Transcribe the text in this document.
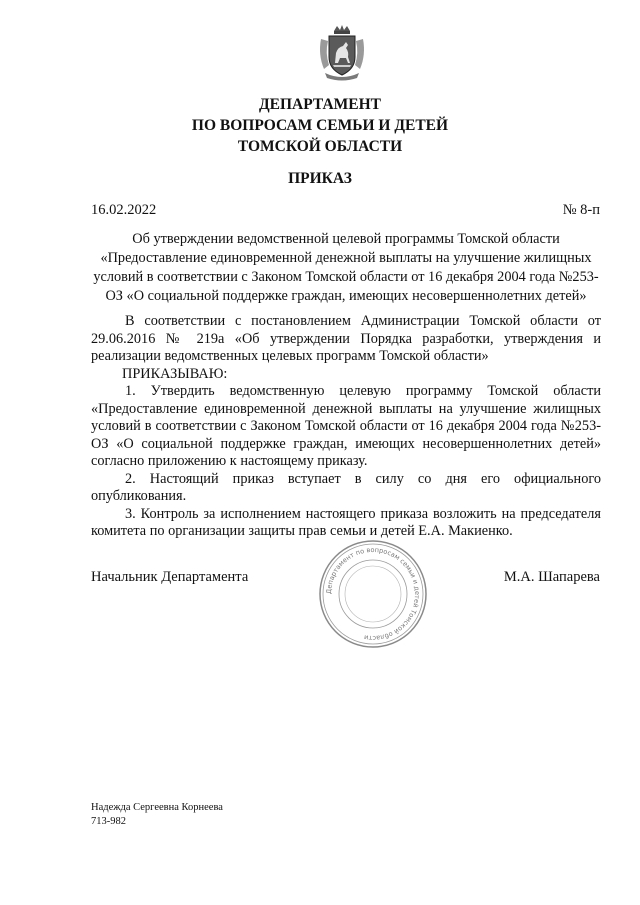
ДЕПАРТАМЕНТ
ПО ВОПРОСАМ СЕМЬИ И ДЕТЕЙ
ТОМСКОЙ ОБЛАСТИ
ПРИКАЗ
16.02.2022	№ 8-п
Об утверждении ведомственной целевой программы Томской области «Предоставление единовременной денежной выплаты на улучшение жилищных условий в соответствии с Законом Томской области от 16 декабря 2004 года №253-ОЗ «О социальной поддержке граждан, имеющих несовершеннолетних детей»

В соответствии с постановлением Администрации Томской области от 29.06.2016 № 219а «Об утверждении Порядка разработки, утверждения и реализации ведомственных целевых программ Томской области»

ПРИКАЗЫВАЮ:

1. Утвердить ведомственную целевую программу Томской области «Предоставление единовременной денежной выплаты на улучшение жилищных условий в соответствии с Законом Томской области от 16 декабря 2004 года №253-ОЗ «О социальной поддержке граждан, имеющих несовершеннолетних детей» согласно приложению к настоящему приказу.

2. Настоящий приказ вступает в силу со дня его официального опубликования.

3. Контроль за исполнением настоящего приказа возложить на председателя комитета по организации защиты прав семьи и детей Е.А. Макиенко.

Начальник Департамента
Департамент по вопросам семьи и детей Томской области
М.А. Шапарева
Надежда Сергеевна Корнеева
713-982
